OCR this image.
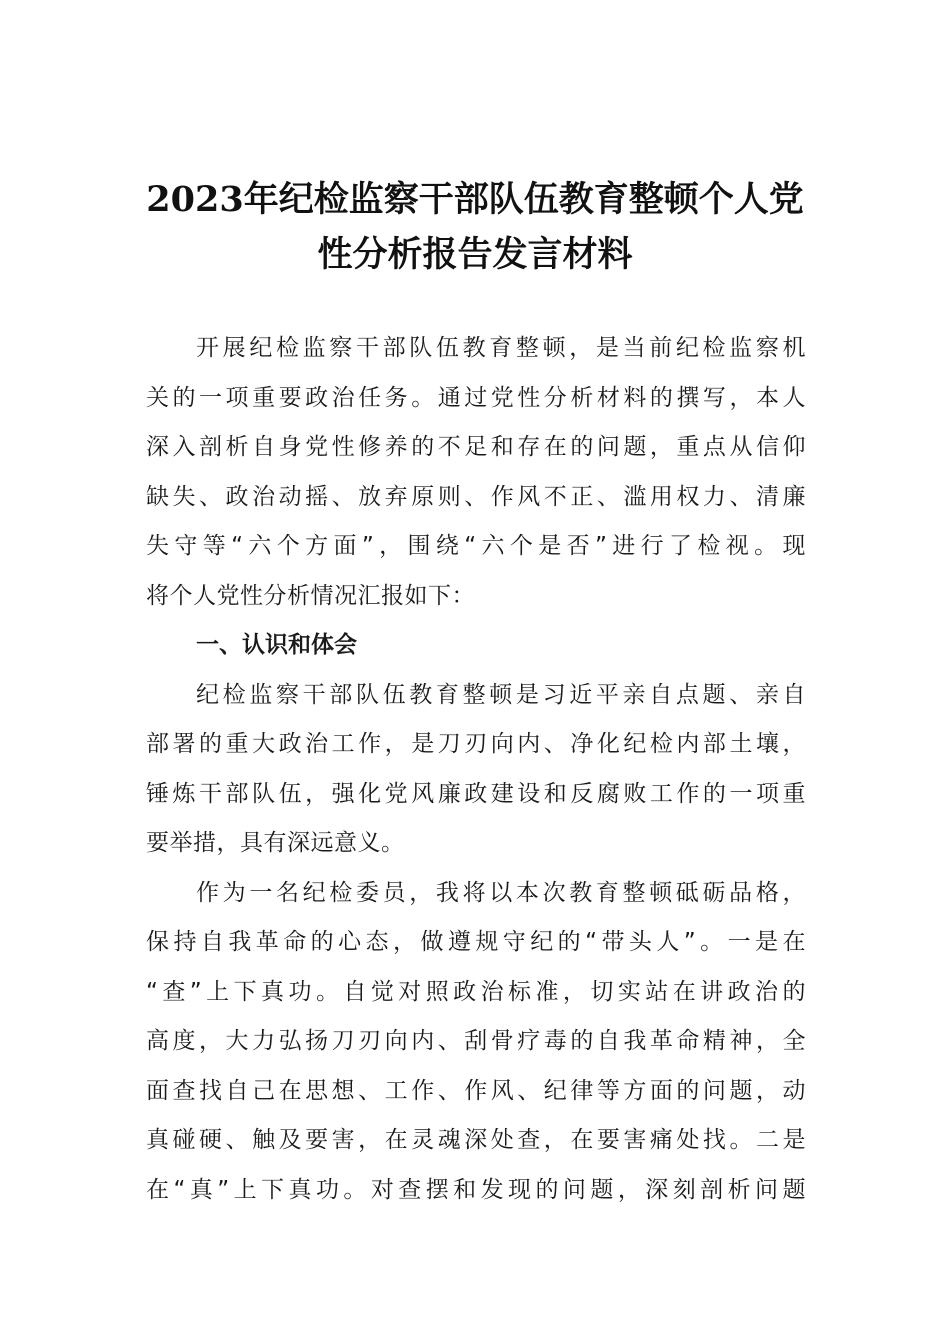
2023年纪检监察干部队伍教育整顿个人党
性分析报告发言材料

开展纪检监察干部队伍教育整顿，是当前纪检监察机
关的一项重要政治任务。通过党性分析材料的撰写，本人
深入剖析自身党性修养的不足和存在的问题，重点从信仰
缺失、政治动摇、放弃原则、作风不正、滥用权力、清廉
失守等“六个方面”，围绕“六个是否”进行了检视。现
将个人党性分析情况汇报如下：

一、认识和体会

纪检监察干部队伍教育整顿是习近平亲自点题、亲自
部署的重大政治工作，是刀刃向内、净化纪检内部土壤，
锤炼干部队伍，强化党风廉政建设和反腐败工作的一项重
要举措，具有深远意义。

作为一名纪检委员，我将以本次教育整顿砥砺品格，
保持自我革命的心态，做遵规守纪的“带头人”。一是在
“查”上下真功。自觉对照政治标准，切实站在讲政治的
高度，大力弘扬刀刃向内、刮骨疗毒的自我革命精神，全
面查找自己在思想、工作、作风、纪律等方面的问题，动
真碰硬、触及要害，在灵魂深处查，在要害痛处找。二是
在“真”上下真功。对查摆和发现的问题，深刻剖析问题
